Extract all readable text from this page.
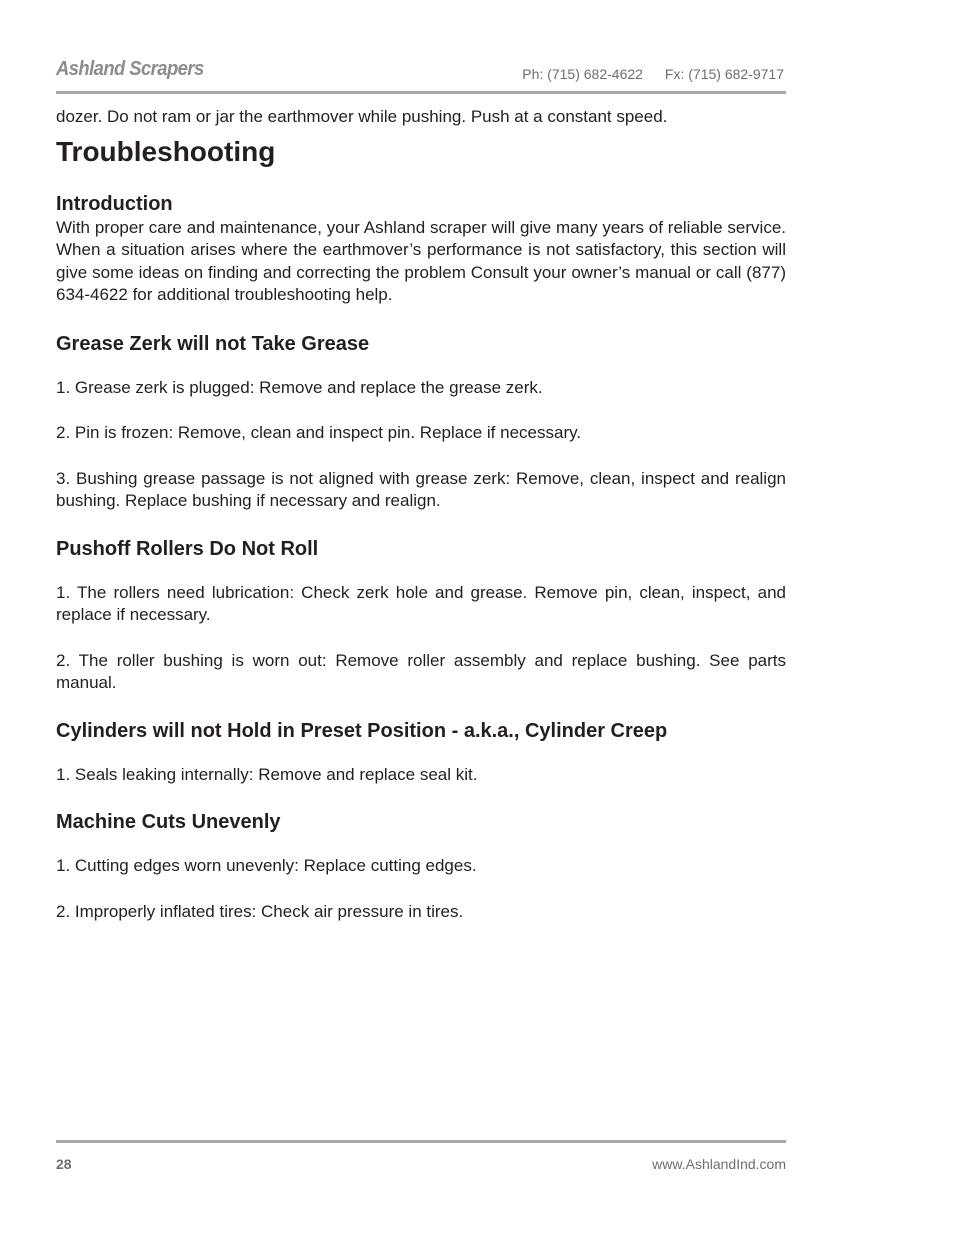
Ashland Scrapers	Ph: (715) 682-4622 Fx: (715) 682-9717

dozer. Do not ram or jar the earthmover while pushing. Push at a constant speed.

Troubleshooting
Introduction

With proper care and maintenance, your Ashland scraper will give many years of reliable service. When a situation arises where the earthmover’s performance is not satisfactory, this section will give some ideas on finding and correcting the problem Consult your owner’s manual or call (877) 634-4622 for additional troubleshooting help.

Grease Zerk will not Take Grease

1. Grease zerk is plugged: Remove and replace the grease zerk.

2. Pin is frozen: Remove, clean and inspect pin. Replace if necessary.

3. Bushing grease passage is not aligned with grease zerk: Remove, clean, inspect and realign bushing. Replace bushing if necessary and realign.

Pushoff Rollers Do Not Roll

1. The rollers need lubrication: Check zerk hole and grease. Remove pin, clean, inspect, and replace if necessary.

2. The roller bushing is worn out: Remove roller assembly and replace bushing. See parts manual.

Cylinders will not Hold in Preset Position - a.k.a., Cylinder Creep

1. Seals leaking internally: Remove and replace seal kit.

Machine Cuts Unevenly

1. Cutting edges worn unevenly: Replace cutting edges.

2. Improperly inflated tires: Check air pressure in tires.

28	www.AshlandInd.com
